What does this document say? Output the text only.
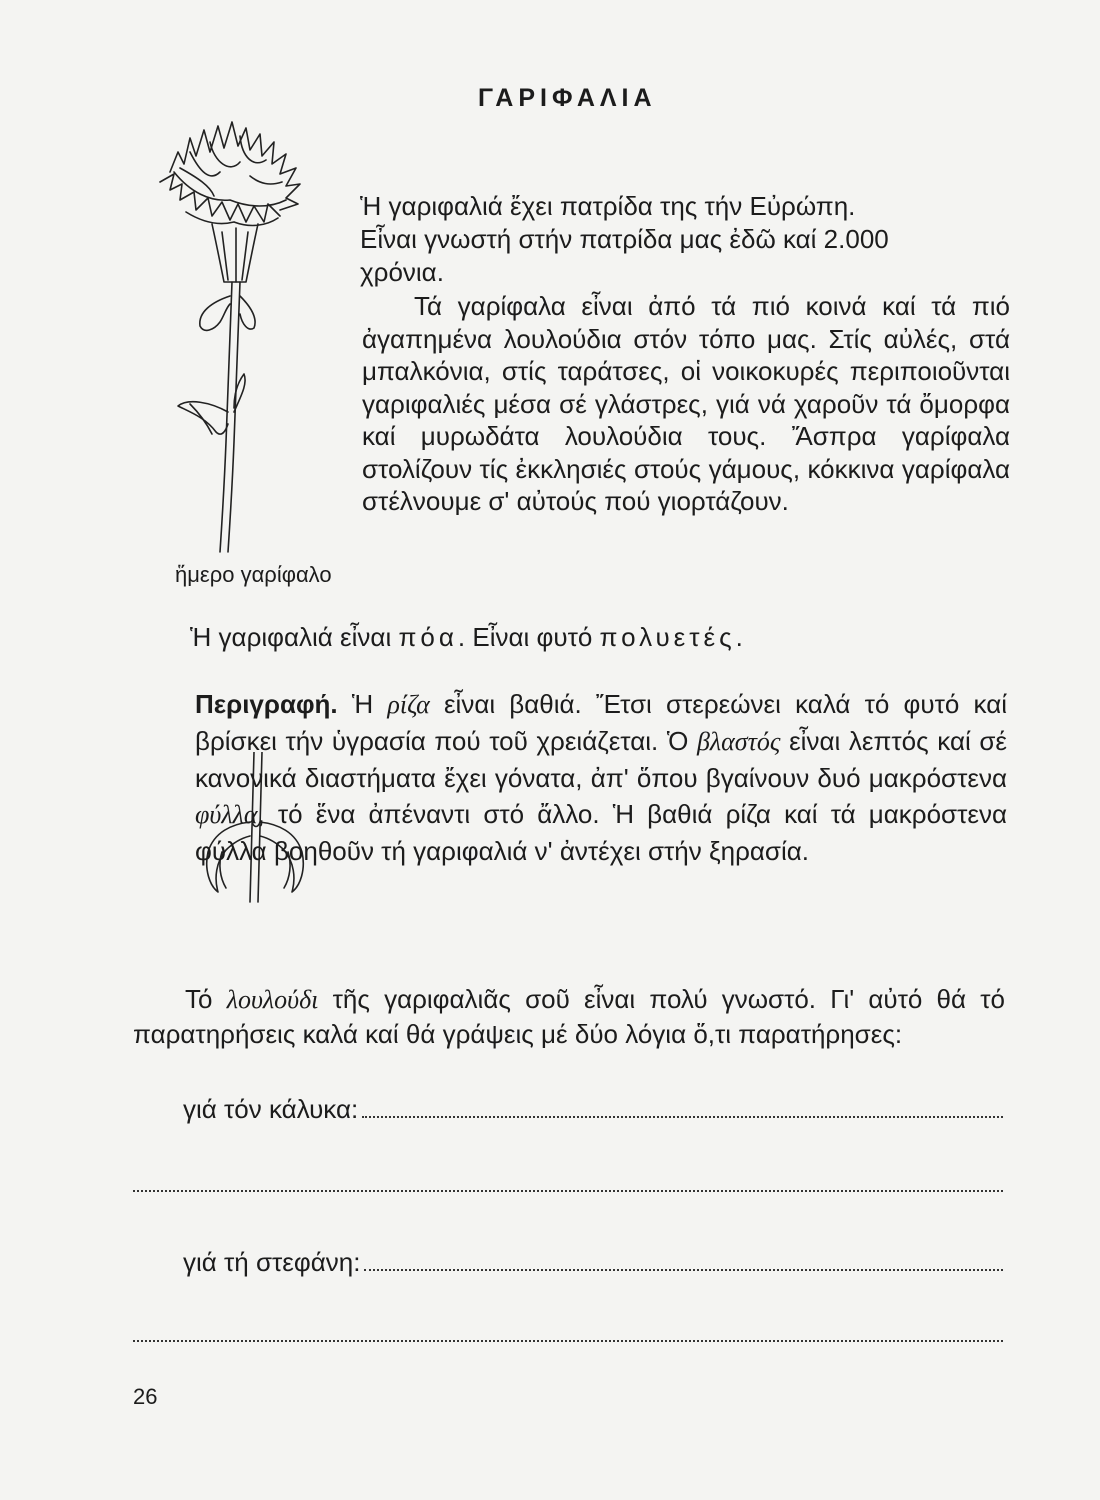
ΓΑΡΙΦΑΛΙΑ
Ἡ γαριφαλιά ἔχει πατρίδα της τήν Εὐρώπη.
Εἶναι γνωστή στήν πατρίδα μας ἐδῶ καί 2.000
χρόνια.

Τά γαρίφαλα εἶναι ἀπό τά πιό κοινά καί τά πιό ἀγαπημένα λουλούδια στόν τόπο μας. Στίς αὐλές, στά μπαλκόνια, στίς ταράτσες, οἱ νοικοκυρές περιποιοῦνται γαριφαλιές μέσα σέ γλάστρες, γιά νά χαροῦν τά ὄμορφα καί μυρωδάτα λουλούδια τους. Ἄσπρα γαρίφαλα στολίζουν τίς ἐκκλησιές στούς γάμους, κόκκινα γαρίφαλα στέλνουμε σ' αὐτούς πού γιορτάζουν.

ἥμερο γαρίφαλο
Ἡ γαριφαλιά εἶναι πόα. Εἶναι φυτό πολυετές.

Περιγραφή. Ἡ ρίζα εἶναι βαθιά. Ἔτσι στερεώνει καλά τό φυτό καί βρίσκει τήν ὑγρασία πού τοῦ χρειάζεται. Ὁ βλαστός εἶναι λεπτός καί σέ κανονικά διαστήματα ἔχει γόνατα, ἀπ' ὅπου βγαίνουν δυό μακρόστενα φύλλα, τό ἕνα ἀπέναντι στό ἄλλο. Ἡ βαθιά ρίζα καί τά μακρόστενα φύλλα βοηθοῦν τή γαριφαλιά ν' ἀντέχει στήν ξηρασία.

Τό λουλούδι τῆς γαριφαλιᾶς σοῦ εἶναι πολύ γνωστό. Γι' αὐτό θά τό παρατηρήσεις καλά καί θά γράψεις μέ δύο λόγια ὅ,τι παρατήρησες:

γιά τόν κάλυκα:
γιά τή στεφάνη:
26
